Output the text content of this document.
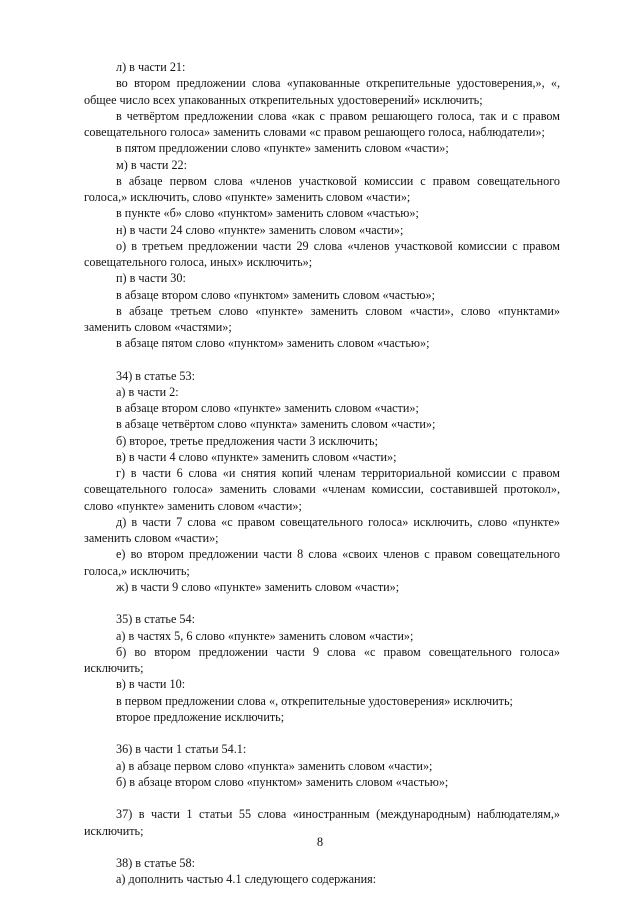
л) в части 21:

во втором предложении слова «упакованные открепительные удостоверения,», «, общее число всех упакованных открепительных удостоверений» исключить;

в четвёртом предложении слова «как с правом решающего голоса, так и с правом совещательного голоса» заменить словами «с правом решающего голоса, наблюдатели»;

в пятом предложении слово «пункте» заменить словом «части»;

м) в части 22:

в абзаце первом слова «членов участковой комиссии с правом совещательного голоса,» исключить, слово «пункте» заменить словом «части»;

в пункте «б» слово «пунктом» заменить словом «частью»;

н) в части 24 слово «пункте» заменить словом «части»;

о) в третьем предложении части 29 слова «членов участковой комиссии с правом совещательного голоса, иных» исключить»;

п) в части 30:

в абзаце втором слово «пунктом» заменить словом «частью»;

в абзаце третьем слово «пункте» заменить словом «части», слово «пунктами» заменить словом «частями»;

в абзаце пятом слово «пунктом» заменить словом «частью»;

34) в статье 53:

а) в части 2:

в абзаце втором слово «пункте» заменить словом «части»;

в абзаце четвёртом слово «пункта» заменить словом «части»;

б) второе, третье предложения части 3 исключить;

в) в части 4 слово «пункте» заменить словом «части»;

г) в части 6 слова «и снятия копий членам территориальной комиссии с правом совещательного голоса» заменить словами «членам комиссии, составившей протокол», слово «пункте» заменить словом «части»;

д) в части 7 слова «с правом совещательного голоса» исключить, слово «пункте» заменить словом «части»;

е) во втором предложении части 8 слова «своих членов с правом совещательного голоса,» исключить;

ж) в части 9 слово «пункте» заменить словом «части»;

35) в статье 54:

а) в частях 5, 6 слово «пункте» заменить словом «части»;

б) во втором предложении части 9 слова «с правом совещательного голоса» исключить;

в) в части 10:

в первом предложении слова «, открепительные удостоверения» исключить;

второе предложение исключить;

36) в части 1 статьи 54.1:

а) в абзаце первом слово «пункта» заменить словом «части»;

б) в абзаце втором слово «пунктом» заменить словом «частью»;

37) в части 1 статьи 55 слова «иностранным (международным) наблюдателям,» исключить;

38) в статье 58:

а) дополнить частью 4.1 следующего содержания:

8
